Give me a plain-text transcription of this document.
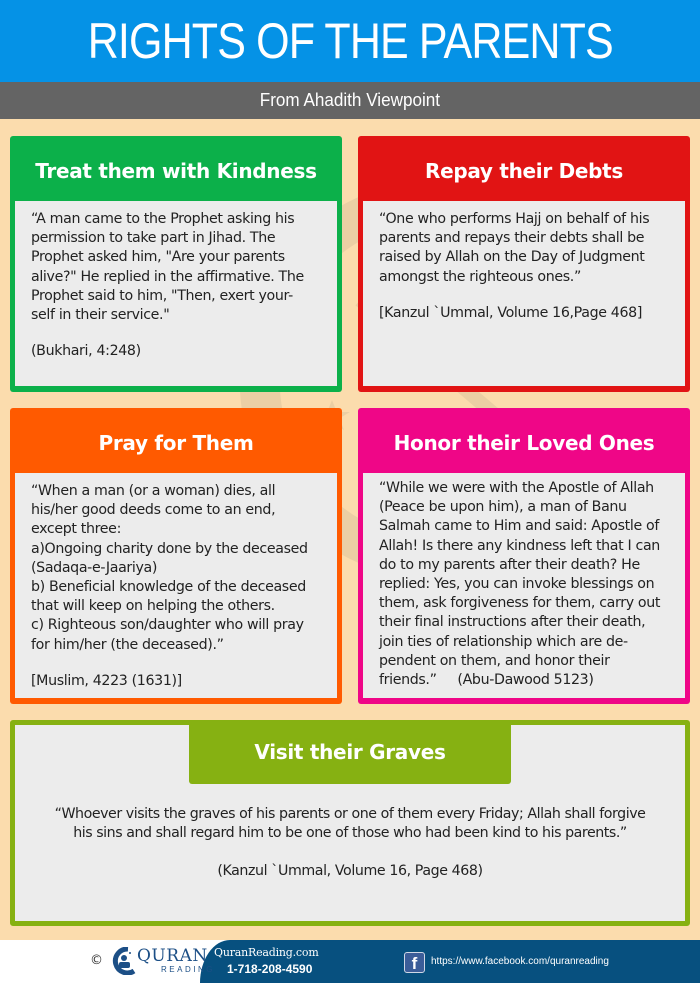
RIGHTS OF THE PARENTS
From Ahadith Viewpoint
Treat them with Kindness
“A man came to the Prophet asking his
permission to take part in Jihad. The
Prophet asked him, "Are your parents
alive?" He replied in the affirmative. The
Prophet said to him, "Then, exert your-
self in their service."

(Bukhari, 4:248)

Repay their Debts
“One who performs Hajj on behalf of his
parents and repays their debts shall be
raised by Allah on the Day of Judgment
amongst the righteous ones.”

[Kanzul `Ummal, Volume 16,Page 468]

Pray for Them
“When a man (or a woman) dies, all
his/her good deeds come to an end,
except three:
a)Ongoing charity done by the deceased
(Sadaqa-e-Jaariya)
b) Beneficial knowledge of the deceased
that will keep on helping the others.
c) Righteous son/daughter who will pray
for him/her (the deceased).”

[Muslim, 4223 (1631)]

Honor their Loved Ones
“While we were with the Apostle of Allah
(Peace be upon him), a man of Banu
Salmah came to Him and said: Apostle of
Allah! Is there any kindness left that I can
do to my parents after their death? He
replied: Yes, you can invoke blessings on
them, ask forgiveness for them, carry out
their final instructions after their death,
join ties of relationship which are de-
pendent on them, and honor their
friends.”     (Abu-Dawood 5123)
Visit their Graves
“Whoever visits the graves of his parents or one of them every Friday; Allah shall forgive
his sins and shall regard him to be one of those who had been kind to his parents.”
(Kanzul `Ummal, Volume 16, Page 468)
© QURAN
READING
QuranReading.com
1-718-208-4590	f	https://www.facebook.com/quranreading
